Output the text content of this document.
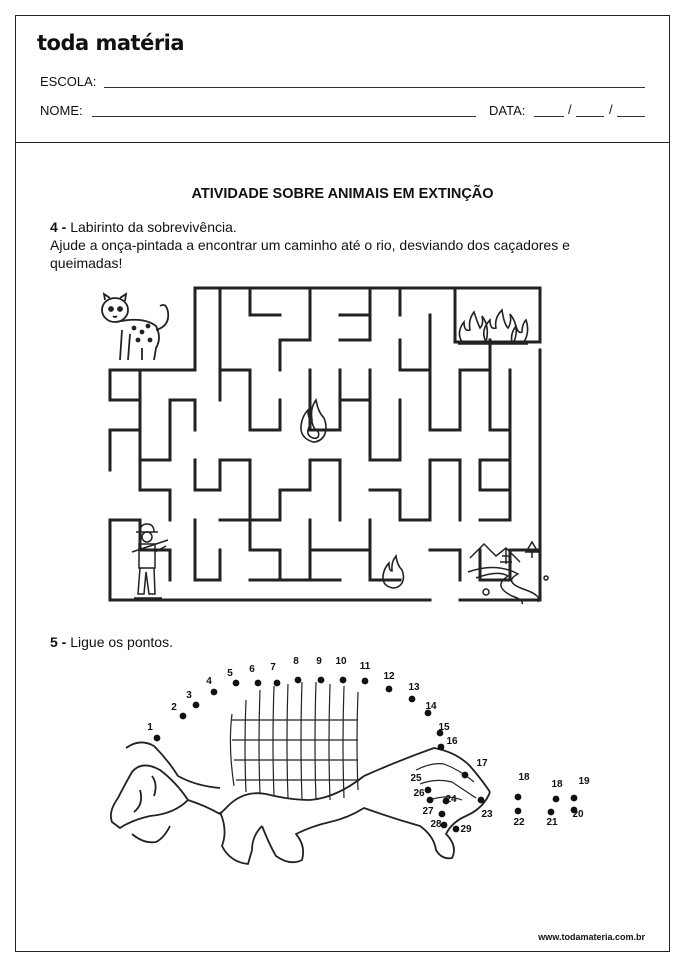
toda matéria
ESCOLA:
NOME:	DATA:	/	/
ATIVIDADE SOBRE ANIMAIS EM EXTINÇÃO
4 - Labirinto da sobrevivência.
Ajude a onça-pintada a encontrar um caminho até o rio, desviando dos caçadores e queimadas!
5 - Ligue os pontos.
1
2
3
4
5 6 7
8 9 10 11
12
13
14
15
16
17
18
18 19
20
21
22
23
24
25
26
27
28 29
www.todamateria.com.br
